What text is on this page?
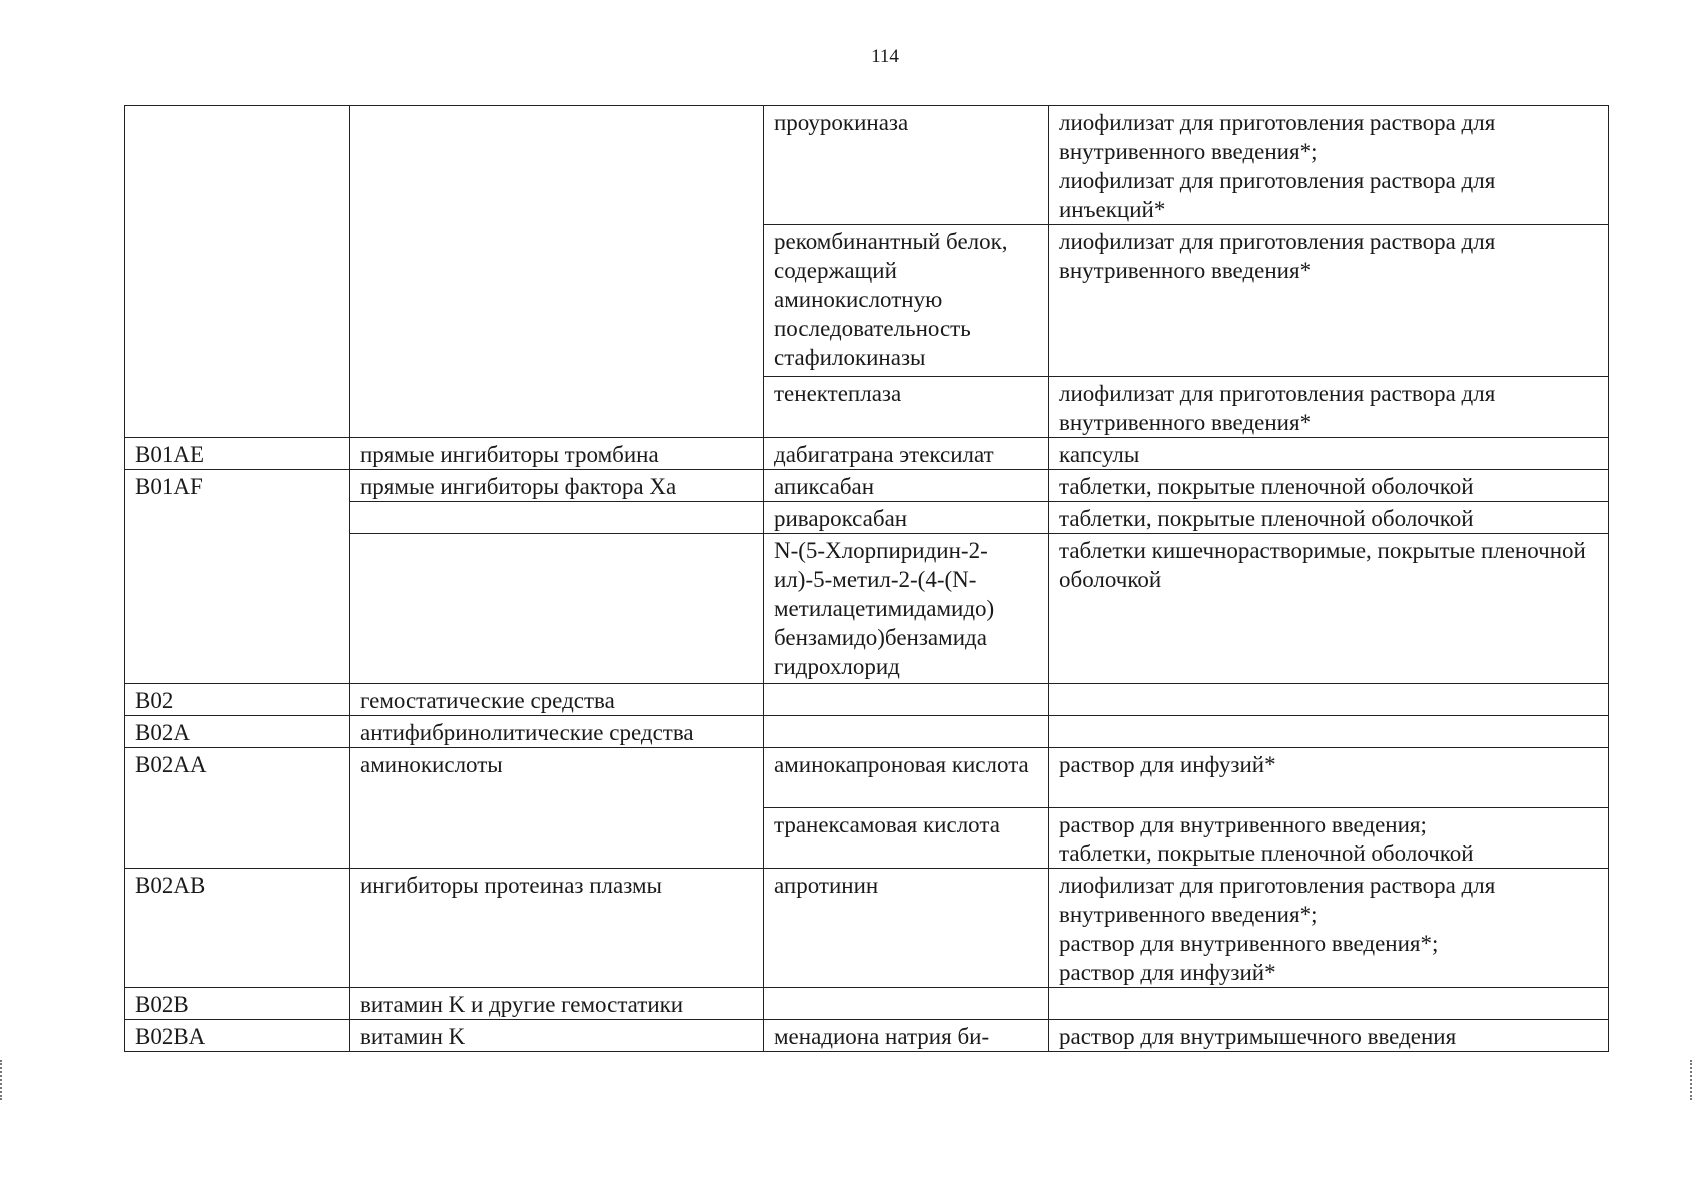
114
		проурокиназа	лиофилизат для приготовления раствора для внутривенного введения*;
лиофилизат для приготовления раствора для инъекций*

		рекомбинантный белок, содержащий аминокислотную последовательность стафилокиназы	лиофилизат для приготовления раствора для внутривенного введения*

		тенектеплаза	лиофилизат для приготовления раствора для внутривенного введения*

B01AE	прямые ингибиторы тромбина	дабигатрана этексилат	капсулы

B01AF	прямые ингибиторы фактора Xa	апиксабан	таблетки, покрытые пленочной оболочкой

		ривароксабан	таблетки, покрытые пленочной оболочкой

		N-(5-Хлорпиридин-2-ил)-5-метил-2-(4-(N-метилацетимидамидо) бензамидо)бензамида гидрохлорид	таблетки кишечнорастворимые, покрытые пленочной оболочкой

B02	гемостатические средства		
B02A	антифибринолитические средства		
B02AA	аминокислоты	аминокапроновая кислота	раствор для инфузий*

		транексамовая кислота	раствор для внутривенного введения;
таблетки, покрытые пленочной оболочкой

B02AB	ингибиторы протеиназ плазмы	апротинин	лиофилизат для приготовления раствора для внутривенного введения*;
раствор для внутривенного введения*;
раствор для инфузий*

B02B	витамин K и другие гемостатики		
B02BA	витамин K	менадиона натрия би-	раствор для внутримышечного введения
